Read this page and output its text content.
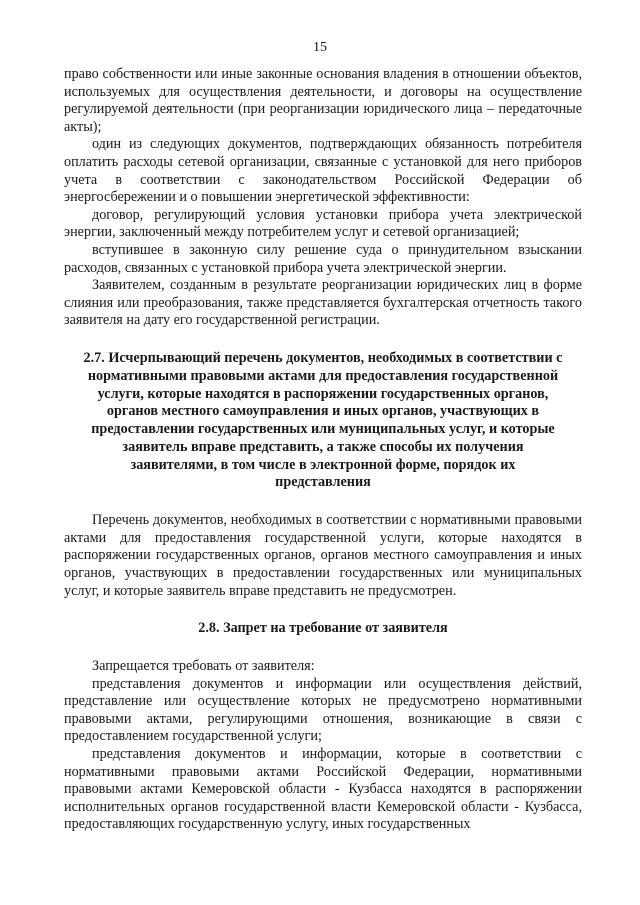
15

право собственности или иные законные основания владения в отношении объектов, используемых для осуществления деятельности, и договоры на осуществление регулируемой деятельности (при реорганизации юридического лица – передаточные акты);

один из следующих документов, подтверждающих обязанность потребителя оплатить расходы сетевой организации, связанные с установкой для него приборов учета в соответствии с законодательством Российской Федерации об энергосбережении и о повышении энергетической эффективности:

договор, регулирующий условия установки прибора учета электрической энергии, заключенный между потребителем услуг и сетевой организацией;

вступившее в законную силу решение суда о принудительном взыскании расходов, связанных с установкой прибора учета электрической энергии.

Заявителем, созданным в результате реорганизации юридических лиц в форме слияния или преобразования, также представляется бухгалтерская отчетность такого заявителя на дату его государственной регистрации.

2.7. Исчерпывающий перечень документов, необходимых в соответствии с нормативными правовыми актами для предоставления государственной услуги, которые находятся в распоряжении государственных органов, органов местного самоуправления и иных органов, участвующих в предоставлении государственных или муниципальных услуг, и которые заявитель вправе представить, а также способы их получения заявителями, в том числе в электронной форме, порядок их представления

Перечень документов, необходимых в соответствии с нормативными правовыми актами для предоставления государственной услуги, которые находятся в распоряжении государственных органов, органов местного самоуправления и иных органов, участвующих в предоставлении государственных или муниципальных услуг, и которые заявитель вправе представить не предусмотрен.

2.8. Запрет на требование от заявителя

Запрещается требовать от заявителя:

представления документов и информации или осуществления действий, представление или осуществление которых не предусмотрено нормативными правовыми актами, регулирующими отношения, возникающие в связи с предоставлением государственной услуги;

представления документов и информации, которые в соответствии с нормативными правовыми актами Российской Федерации, нормативными правовыми актами Кемеровской области - Кузбасса находятся в распоряжении исполнительных органов государственной власти Кемеровской области - Кузбасса, предоставляющих государственную услугу, иных государственных
